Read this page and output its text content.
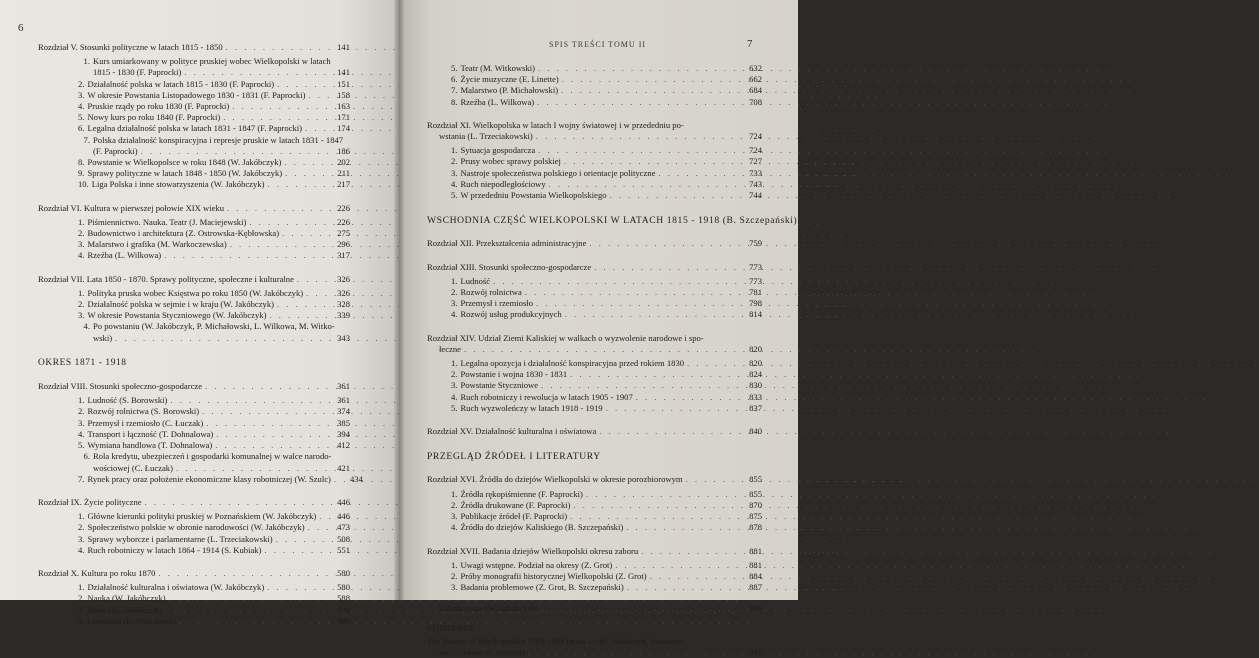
6
Rozdział V. Stosunki polityczne w latach 1815 - 1850 . . .	141
1. Kurs umiarkowany w polityce pruskiej wobec Wielkopolski w latach
1815 - 1830 (F. Paprocki) . . .	141
2. Działalność polska w latach 1815 - 1830 (F. Paprocki) . . .	151
3. W okresie Powstania Listopadowego 1830 - 1831 (F. Paprocki) . . .	158
4. Pruskie rządy po roku 1830 (F. Paprocki) . . .	163
5. Nowy kurs po roku 1840 (F. Paprocki) . . .	171
6. Legalna działalność polska w latach 1831 - 1847 (F. Paprocki) . . .	174
7. Polska działalność konspiracyjna i represje pruskie w latach 1831 - 1847
(F. Paprocki) . . .	186
8. Powstanie w Wielkopolsce w roku 1848 (W. Jakóbczyk) . . .	202
9. Sprawy polityczne w latach 1848 - 1850 (W. Jakóbczyk) . . .	211
10. Liga Polska i inne stowarzyszenia (W. Jakóbczyk) . . .	217
Rozdział VI. Kultura w pierwszej połowie XIX wieku . . .	226
1. Piśmiennictwo. Nauka. Teatr (J. Maciejewski) . . .	226
2. Budownictwo i architektura (Z. Ostrowska-Kębłowska) . . .	275
3. Malarstwo i grafika (M. Warkoczewska) . . .	296
4. Rzeźba (L. Wilkowa) . . .	317
Rozdział VII. Lata 1850 - 1870. Sprawy polityczne, społeczne i kulturalne . . .	326
1. Polityka pruska wobec Księstwa po roku 1850 (W. Jakóbczyk) . . .	326
2. Działalność polska w sejmie i w kraju (W. Jakóbczyk) . . .	328
3. W okresie Powstania Styczniowego (W. Jakóbczyk) . . .	339
4. Po powstaniu (W. Jakóbczyk, P. Michałowski, L. Wilkowa, M. Witko-
wski) . . .	343
OKRES 1871 - 1918
Rozdział VIII. Stosunki społeczno-gospodarcze . . .	361
1. Ludność (S. Borowski) . . .	361
2. Rozwój rolnictwa (S. Borowski) . . .	374
3. Przemysł i rzemiosło (C. Łuczak) . . .	385
4. Transport i łączność (T. Dohnalowa) . . .	394
5. Wymiana handlowa (T. Dohnalowa) . . .	412
6. Rola kredytu, ubezpieczeń i gospodarki komunalnej w walce narodo-
wościowej (C. Łuczak) . . .	421
7. Rynek pracy oraz położenie ekonomiczne klasy robotniczej (W. Szulc) . . .	434
Rozdział IX. Życie polityczne . . .	446
1. Główne kierunki polityki pruskiej w Poznańskiem (W. Jakóbczyk) . . .	446
2. Społeczeństwo polskie w obronie narodowości (W. Jakóbczyk) . . .	473
3. Sprawy wyborcze i parlamentarne (L. Trzeciakowski) . . .	508
4. Ruch robotniczy w latach 1864 - 1914 (S. Kubiak) . . .	551
Rozdział X. Kultura po roku 1870 . . .	580
1. Działalność kulturalna i oświatowa (W. Jakóbczyk) . . .	580
2. Nauka (W. Jakóbczyk) . . .	588
3. Prasa (W. Jakóbczyk) . . .	598
4. Literatura (E. Pieściková) . . .	606
SPIS TREŚCI TOMU II	7
5. Teatr (M. Witkowski) . . .	632
6. Życie muzyczne (E. Linette) . . .	662
7. Malarstwo (P. Michałowski) . . .	684
8. Rzeźba (L. Wilkowa) . . .	708
Rozdział XI. Wielkopolska w latach I wojny światowej i w przededniu po-
wstania (L. Trzeciakowski) . . .	724
1. Sytuacja gospodarcza . . .	724
2. Prusy wobec sprawy polskiej . . .	727
3. Nastroje społeczeństwa polskiego i orientacje polityczne . . .	733
4. Ruch niepodległościowy . . .	743
5. W przededniu Powstania Wielkopolskiego . . .	744
WSCHODNIA CZĘŚĆ WIELKOPOLSKI W LATACH 1815 - 1918 (B. Szczepański)
Rozdział XII. Przekształcenia administracyjne . . .	759
Rozdział XIII. Stosunki społeczno-gospodarcze . . .	773
1. Ludność . . .	773
2. Rozwój rolnictwa . . .	781
3. Przemysł i rzemiosło . . .	798
4. Rozwój usług produkcyjnych . . .	814
Rozdział XIV. Udział Ziemi Kaliskiej w walkach o wyzwolenie narodowe i spo-
łeczne . . .	820
1. Legalna opozycja i działalność konspiracyjna przed rokiem 1830 . . .	820
2. Powstanie i wojna 1830 - 1831 . . .	824
3. Powstanie Styczniowe . . .	830
4. Ruch robotniczy i rewolucja w latach 1905 - 1907 . . .	833
5. Ruch wyzwoleńczy w latach 1918 - 1919 . . .	837
Rozdział XV. Działalność kulturalna i oświatowa . . .	840
PRZEGLĄD ŹRÓDEŁ I LITERATURY
Rozdział XVI. Źródła do dziejów Wielkopolski w okresie porozbiorowym . . .	855
1. Źródła rękopiśmienne (F. Paprocki) . . .	855
2. Źródła drukowane (F. Paprocki) . . .	870
3. Publikacje źródeł (F. Paprocki) . . .	875
4. Źródła do dziejów Kaliskiego (B. Szczepański) . . .	878
Rozdział XVII. Badania dziejów Wielkopolski okresu zaboru . . .	881
1. Uwagi wstępne. Podział na okresy (Z. Grot) . . .	881
2. Próby monografii historycznej Wielkopolski (Z. Grot) . . .	884
3. Badania problemowe (Z. Grot, B. Szczepański) . . .	887
Zakończenie (W. Jakóbczyk) . . .	909
SUMMARY
The history of Wielkopolska 1793-1918 (tekst — W. Jakóbczyk, tłumacze-
nie — James A. Sehnert) . . .	915
